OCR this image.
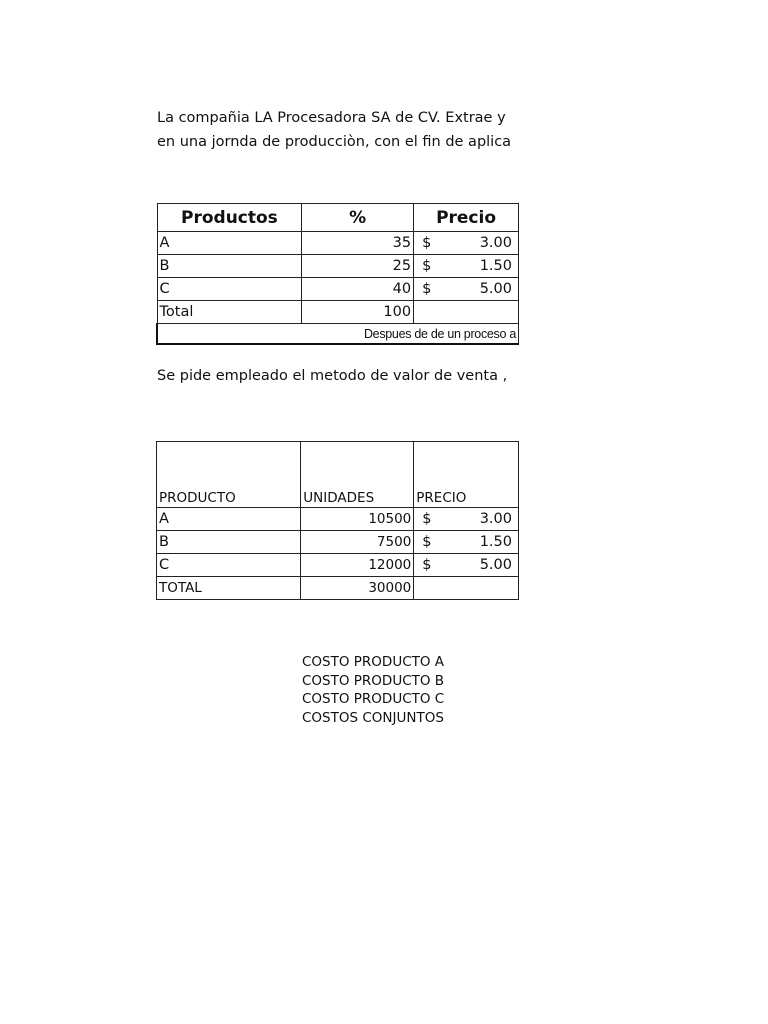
La compañia LA Procesadora SA de CV. Extrae y
en una jornda de producciòn, con el fin de aplica
Productos	%	Precio
A	35	$ 3.00

B	25	$ 1.50

C	40	$ 5.00

Total	100	
Despues de de un proceso a		
Se pide empleado el metodo de valor de venta ,
PRODUCTO	UNIDADES	PRECIO
A	10500	$ 3.00

B	7500	$ 1.50

C	12000	$ 5.00

TOTAL	30000	
COSTO PRODUCTO A
COSTO PRODUCTO B
COSTO PRODUCTO C
COSTOS CONJUNTOS
